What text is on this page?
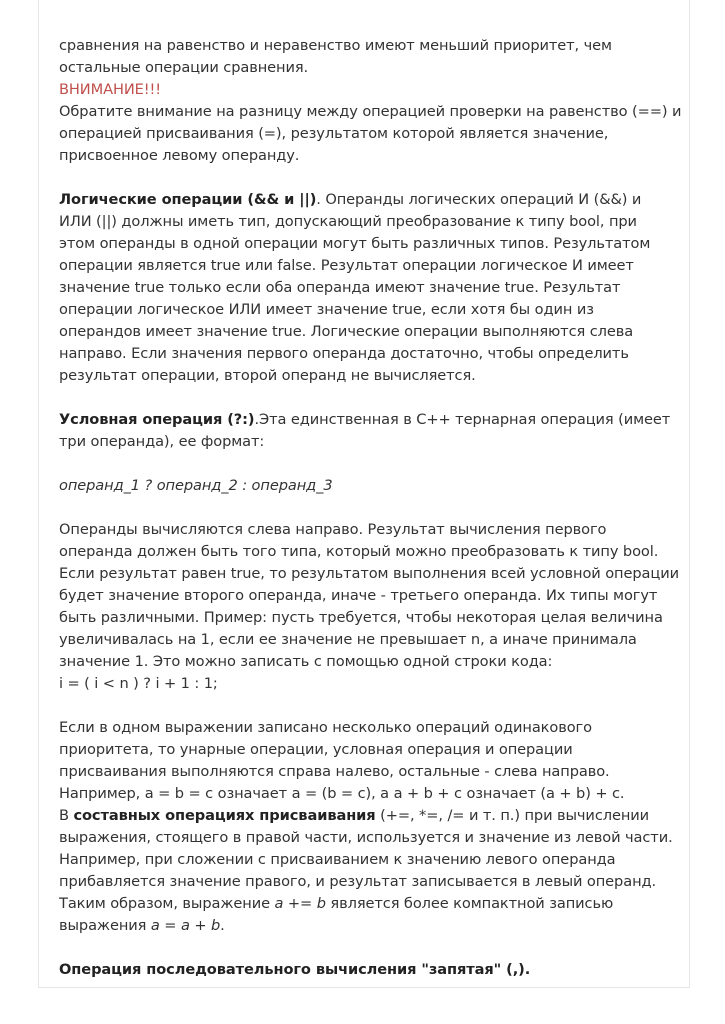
сравнения на равенство и неравенство имеют меньший приоритет, чем
остальные операции сравнения.
ВНИМАНИЕ!!!
Обратите внимание на разницу между операцией проверки на равенство (==) и
операцией присваивания (=), результатом которой является значение,
присвоенное левому операнду.
Логические операции (&& и ||). Операнды логических операций И (&&) и
ИЛИ (||) должны иметь тип, допускающий преобразование к типу bool, при
этом операнды в одной операции могут быть различных типов. Результатом
операции является true или false. Результат операции логическое И имеет
значение true только если оба операнда имеют значение true. Результат
операции логическое ИЛИ имеет значение true, если хотя бы один из
операндов имеет значение true. Логические операции выполняются слева
направо. Если значения первого операнда достаточно, чтобы определить
результат операции, второй операнд не вычисляется.
Условная операция (?:).Эта единственная в С++ тернарная операция (имеет
три операнда), ее формат:
операнд_1 ? операнд_2 : операнд_3
Операнды вычисляются слева направо. Результат вычисления первого
операнда должен быть того типа, который можно преобразовать к типу bool.
Если результат равен true, то результатом выполнения всей условной операции
будет значение второго операнда, иначе - третьего операнда. Их типы могут
быть различными. Пример: пусть требуется, чтобы некоторая целая величина
увеличивалась на 1, если ее значение не превышает n, а иначе принимала
значение 1. Это можно записать с помощью одной строки кода:
i = ( i < n ) ? i + 1 : 1;
Если в одном выражении записано несколько операций одинакового
приоритета, то унарные операции, условная операция и операции
присваивания выполняются справа налево, остальные - слева направо.
Например, a = b = c означает a = (b = c), a a + b + c означает (a + b) + c.
В составных операциях присваивания (+=, *=, /= и т. п.) при вычислении
выражения, стоящего в правой части, используется и значение из левой части.
Например, при сложении с присваиванием к значению левого операнда
прибавляется значение правого, и результат записывается в левый операнд.
Таким образом, выражение a += b является более компактной записью
выражения a = a + b.
Операция последовательного вычисления "запятая" (,).
